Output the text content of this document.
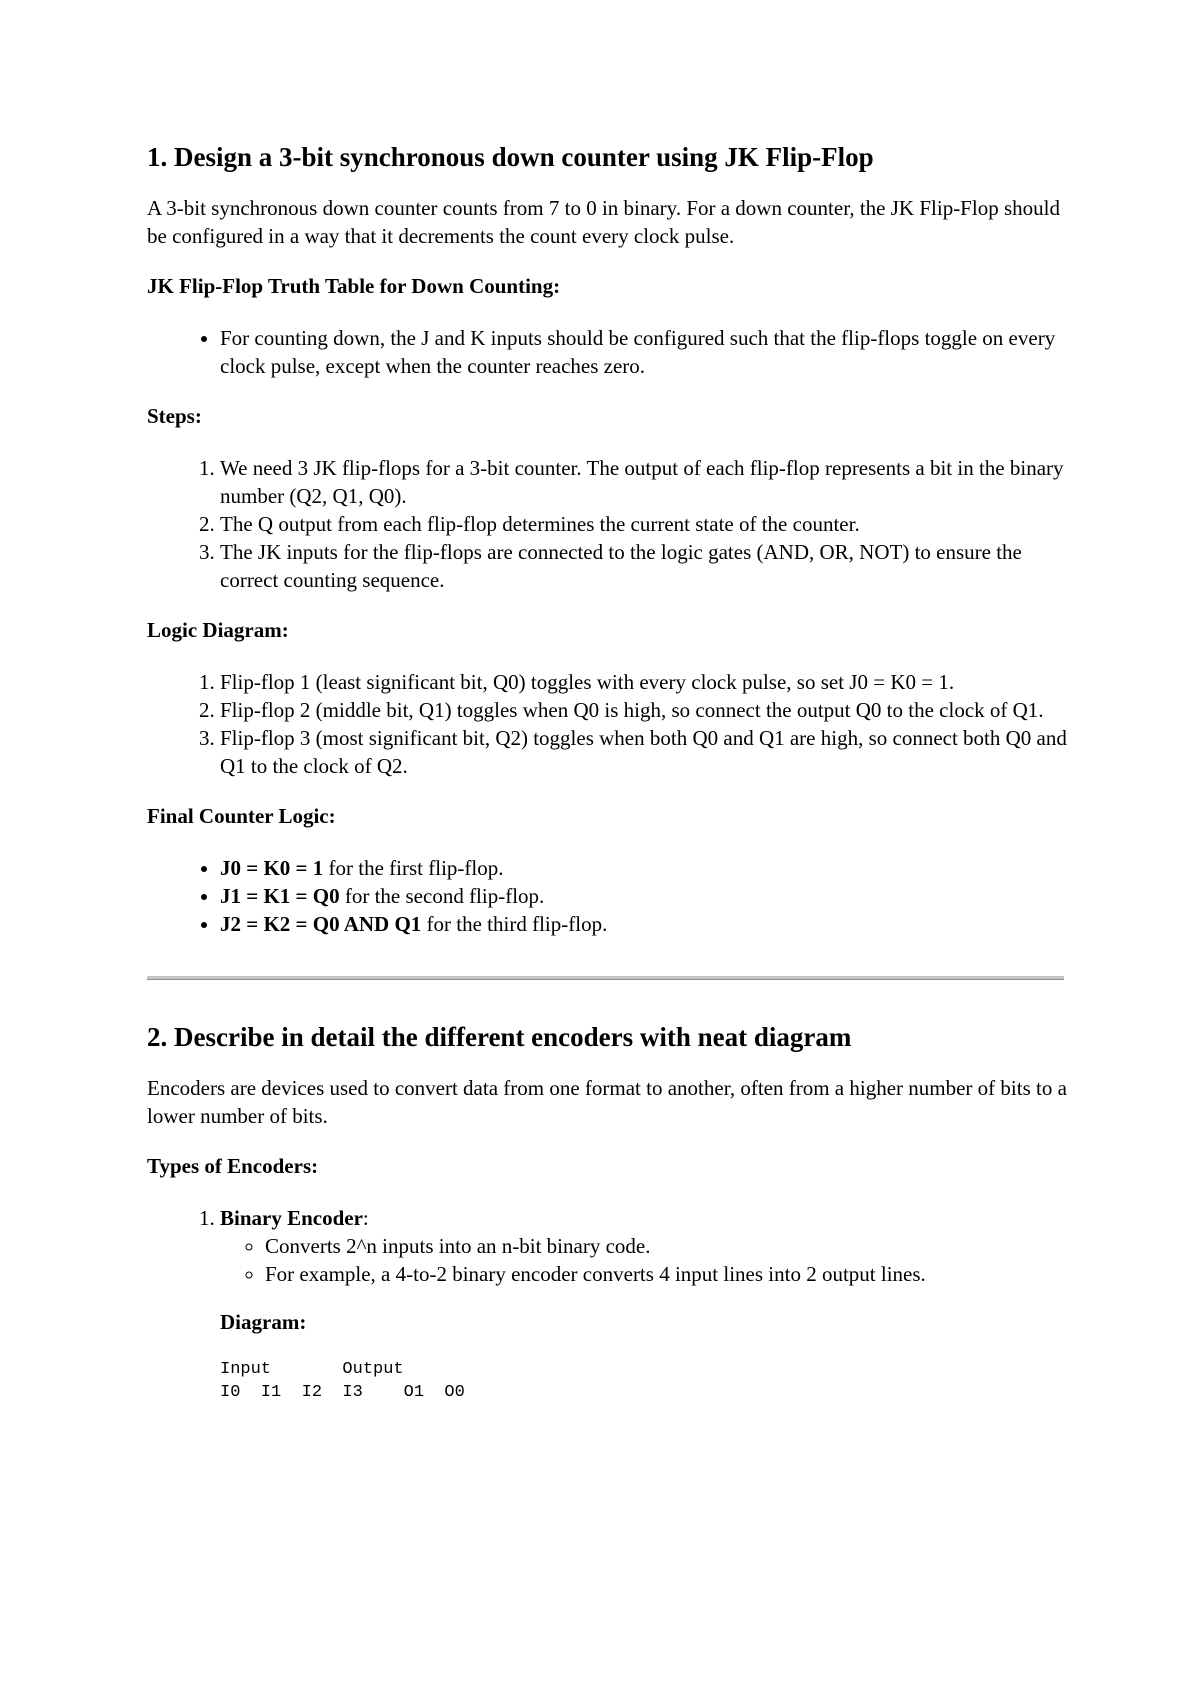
1. Design a 3-bit synchronous down counter using JK Flip-Flop

A 3-bit synchronous down counter counts from 7 to 0 in binary. For a down counter, the JK Flip-Flop should be configured in a way that it decrements the count every clock pulse.

JK Flip-Flop Truth Table for Down Counting:
• For counting down, the J and K inputs should be configured such that the flip-flops toggle on every clock pulse, except when the counter reaches zero.
Steps:
1. We need 3 JK flip-flops for a 3-bit counter. The output of each flip-flop represents a bit in the binary number (Q2, Q1, Q0).
2. The Q output from each flip-flop determines the current state of the counter.
3. The JK inputs for the flip-flops are connected to the logic gates (AND, OR, NOT) to ensure the correct counting sequence.
Logic Diagram:
1. Flip-flop 1 (least significant bit, Q0) toggles with every clock pulse, so set J0 = K0 = 1.
2. Flip-flop 2 (middle bit, Q1) toggles when Q0 is high, so connect the output Q0 to the clock of Q1.
3. Flip-flop 3 (most significant bit, Q2) toggles when both Q0 and Q1 are high, so connect both Q0 and Q1 to the clock of Q2.
Final Counter Logic:
• J0 = K0 = 1 for the first flip-flop.
• J1 = K1 = Q0 for the second flip-flop.
• J2 = K2 = Q0 AND Q1 for the third flip-flop.
2. Describe in detail the different encoders with neat diagram

Encoders are devices used to convert data from one format to another, often from a higher number of bits to a lower number of bits.

Types of Encoders:
1. Binary Encoder:
◦ Converts 2^n inputs into an n-bit binary code.
◦ For example, a 4-to-2 binary encoder converts 4 input lines into 2 output lines.
Diagram:
Input       Output
I0  I1  I2  I3    O1  O0
